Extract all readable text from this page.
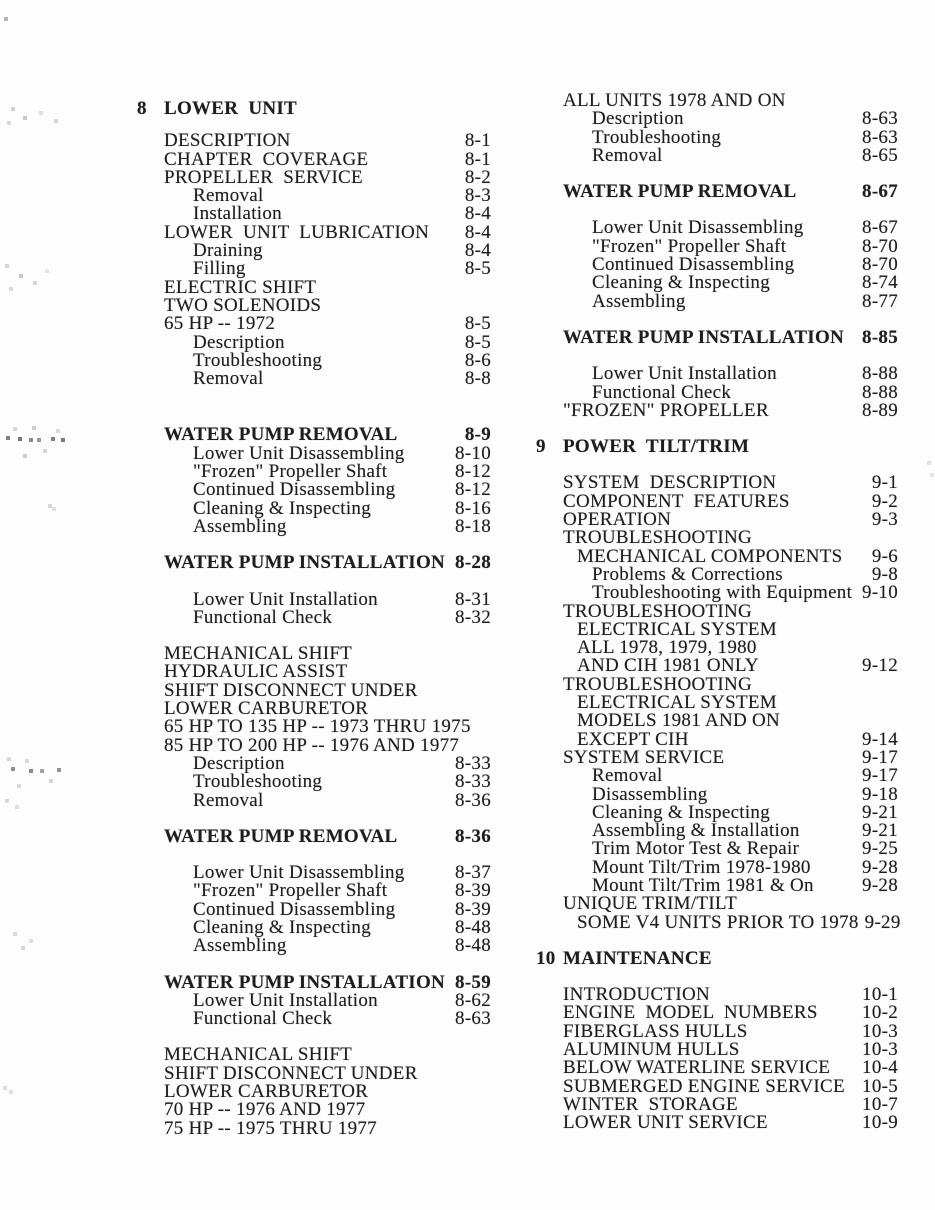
8 LOWER  UNIT
DESCRIPTION	8-1
CHAPTER  COVERAGE	8-1
PROPELLER  SERVICE	8-2
Removal	8-3
Installation	8-4
LOWER  UNIT  LUBRICATION 8-4
Draining	8-4
Filling	8-5
ELECTRIC SHIFT
TWO SOLENOIDS
65 HP -- 1972	8-5
Description	8-5
Troubleshooting	8-6
Removal	8-8
WATER PUMP REMOVAL	8-9
Lower Unit Disassembling	8-10
"Frozen" Propeller Shaft	8-12
Continued Disassembling	8-12
Cleaning & Inspecting	8-16
Assembling	8-18
WATER PUMP INSTALLATION 8-28
Lower Unit Installation	8-31
Functional Check	8-32
MECHANICAL SHIFT
HYDRAULIC ASSIST
SHIFT DISCONNECT UNDER
LOWER CARBURETOR
65 HP TO 135 HP -- 1973 THRU 1975
85 HP TO 200 HP -- 1976 AND 1977
Description	8-33
Troubleshooting	8-33
Removal	8-36
WATER PUMP REMOVAL	8-36
Lower Unit Disassembling	8-37
"Frozen" Propeller Shaft	8-39
Continued Disassembling	8-39
Cleaning & Inspecting	8-48
Assembling	8-48
WATER PUMP INSTALLATION 8-59
Lower Unit Installation	8-62
Functional Check	8-63
MECHANICAL SHIFT
SHIFT DISCONNECT UNDER
LOWER CARBURETOR
70 HP -- 1976 AND 1977
75 HP -- 1975 THRU 1977
ALL UNITS 1978 AND ON
Description	8-63
Troubleshooting	8-63
Removal	8-65
WATER PUMP REMOVAL	8-67
Lower Unit Disassembling	8-67
"Frozen" Propeller Shaft	8-70
Continued Disassembling	8-70
Cleaning & Inspecting	8-74
Assembling	8-77
WATER PUMP INSTALLATION 8-85
Lower Unit Installation	8-88
Functional Check	8-88
"FROZEN" PROPELLER	8-89
9 POWER  TILT/TRIM
SYSTEM  DESCRIPTION	9-1
COMPONENT  FEATURES	9-2
OPERATION	9-3
TROUBLESHOOTING
MECHANICAL COMPONENTS 9-6
Problems & Corrections	9-8
Troubleshooting with Equipment 9-10
TROUBLESHOOTING
ELECTRICAL SYSTEM
ALL 1978, 1979, 1980
AND CIH 1981 ONLY	9-12
TROUBLESHOOTING
ELECTRICAL SYSTEM
MODELS 1981 AND ON
EXCEPT CIH	9-14
SYSTEM SERVICE	9-17
Removal	9-17
Disassembling	9-18
Cleaning & Inspecting	9-21
Assembling & Installation	9-21
Trim Motor Test & Repair	9-25
Mount Tilt/Trim 1978-1980	9-28
Mount Tilt/Trim 1981 & On	9-28
UNIQUE TRIM/TILT
SOME V4 UNITS PRIOR TO 1978 9-29
10 MAINTENANCE
INTRODUCTION	10-1
ENGINE  MODEL  NUMBERS 10-2
FIBERGLASS HULLS	10-3
ALUMINUM HULLS	10-3
BELOW WATERLINE SERVICE 10-4
SUBMERGED ENGINE SERVICE 10-5
WINTER  STORAGE	10-7
LOWER UNIT SERVICE	10-9
